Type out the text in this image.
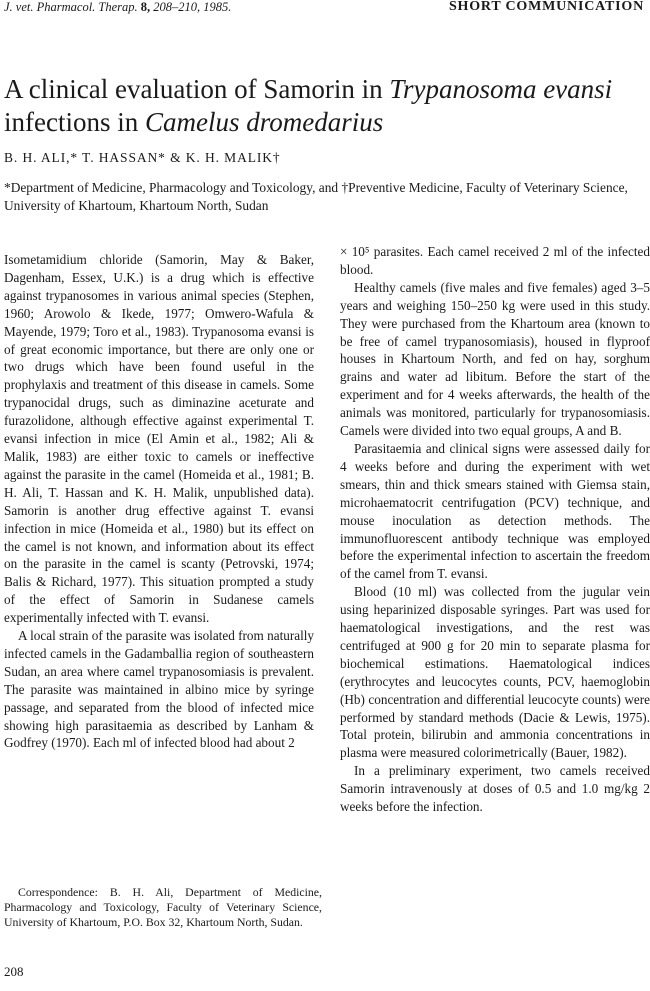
J. vet. Pharmacol. Therap. 8, 208–210, 1985.	SHORT COMMUNICATION
A clinical evaluation of Samorin in Trypanosoma evansi infections in Camelus dromedarius
B. H. ALI,* T. HASSAN* & K. H. MALIK†
*Department of Medicine, Pharmacology and Toxicology, and †Preventive Medicine, Faculty of Veterinary Science, University of Khartoum, Khartoum North, Sudan

Isometamidium chloride (Samorin, May & Baker, Dagenham, Essex, U.K.) is a drug which is effective against trypanosomes in various animal species (Stephen, 1960; Arowolo & Ikede, 1977; Omwero-Wafula & Mayende, 1979; Toro et al., 1983). Trypanosoma evansi is of great economic importance, but there are only one or two drugs which have been found useful in the prophylaxis and treatment of this disease in camels. Some trypanocidal drugs, such as diminazine aceturate and furazolidone, although effective against experimental T. evansi infection in mice (El Amin et al., 1982; Ali & Malik, 1983) are either toxic to camels or ineffective against the parasite in the camel (Homeida et al., 1981; B. H. Ali, T. Hassan and K. H. Malik, unpublished data). Samorin is another drug effective against T. evansi infection in mice (Homeida et al., 1980) but its effect on the camel is not known, and information about its effect on the parasite in the camel is scanty (Petrovski, 1974; Balis & Richard, 1977). This situation prompted a study of the effect of Samorin in Sudanese camels experimentally infected with T. evansi.

A local strain of the parasite was isolated from naturally infected camels in the Gadamballia region of southeastern Sudan, an area where camel trypanosomiasis is prevalent. The parasite was maintained in albino mice by syringe passage, and separated from the blood of infected mice showing high parasitaemia as described by Lanham & Godfrey (1970). Each ml of infected blood had about 2

× 10⁵ parasites. Each camel received 2 ml of the infected blood.

Healthy camels (five males and five females) aged 3–5 years and weighing 150–250 kg were used in this study. They were purchased from the Khartoum area (known to be free of camel trypanosomiasis), housed in flyproof houses in Khartoum North, and fed on hay, sorghum grains and water ad libitum. Before the start of the experiment and for 4 weeks afterwards, the health of the animals was monitored, particularly for trypanosomiasis. Camels were divided into two equal groups, A and B.

Parasitaemia and clinical signs were assessed daily for 4 weeks before and during the experiment with wet smears, thin and thick smears stained with Giemsa stain, microhaematocrit centrifugation (PCV) technique, and mouse inoculation as detection methods. The immunofluorescent antibody technique was employed before the experimental infection to ascertain the freedom of the camel from T. evansi.

Blood (10 ml) was collected from the jugular vein using heparinized disposable syringes. Part was used for haematological investigations, and the rest was centrifuged at 900 g for 20 min to separate plasma for biochemical estimations. Haematological indices (erythrocytes and leucocytes counts, PCV, haemoglobin (Hb) concentration and differential leucocyte counts) were performed by standard methods (Dacie & Lewis, 1975). Total protein, bilirubin and ammonia concentrations in plasma were measured colorimetrically (Bauer, 1982).

In a preliminary experiment, two camels received Samorin intravenously at doses of 0.5 and 1.0 mg/kg 2 weeks before the infection.

Correspondence: B. H. Ali, Department of Medicine, Pharmacology and Toxicology, Faculty of Veterinary Science, University of Khartoum, P.O. Box 32, Khartoum North, Sudan.
208
